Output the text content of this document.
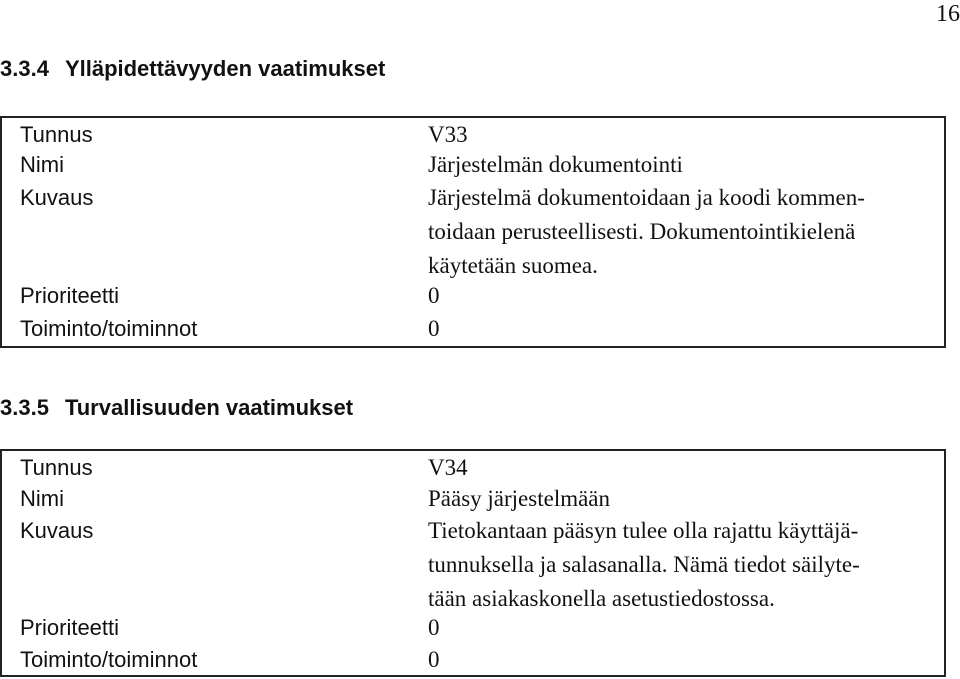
16
3.3.4 Ylläpidettävyyden vaatimukset
Tunnus	V33
Nimi	Järjestelmän dokumentointi
Kuvaus	Järjestelmä dokumentoidaan ja koodi kommen-
toidaan perusteellisesti. Dokumentointikielenä
käytetään suomea.
Prioriteetti	0
Toiminto/toiminnot	0
3.3.5 Turvallisuuden vaatimukset
Tunnus	V34
Nimi	Pääsy järjestelmään
Kuvaus	Tietokantaan pääsyn tulee olla rajattu käyttäjä-
tunnuksella ja salasanalla. Nämä tiedot säilyte-
tään asiakaskonella asetustiedostossa.
Prioriteetti	0
Toiminto/toiminnot	0
